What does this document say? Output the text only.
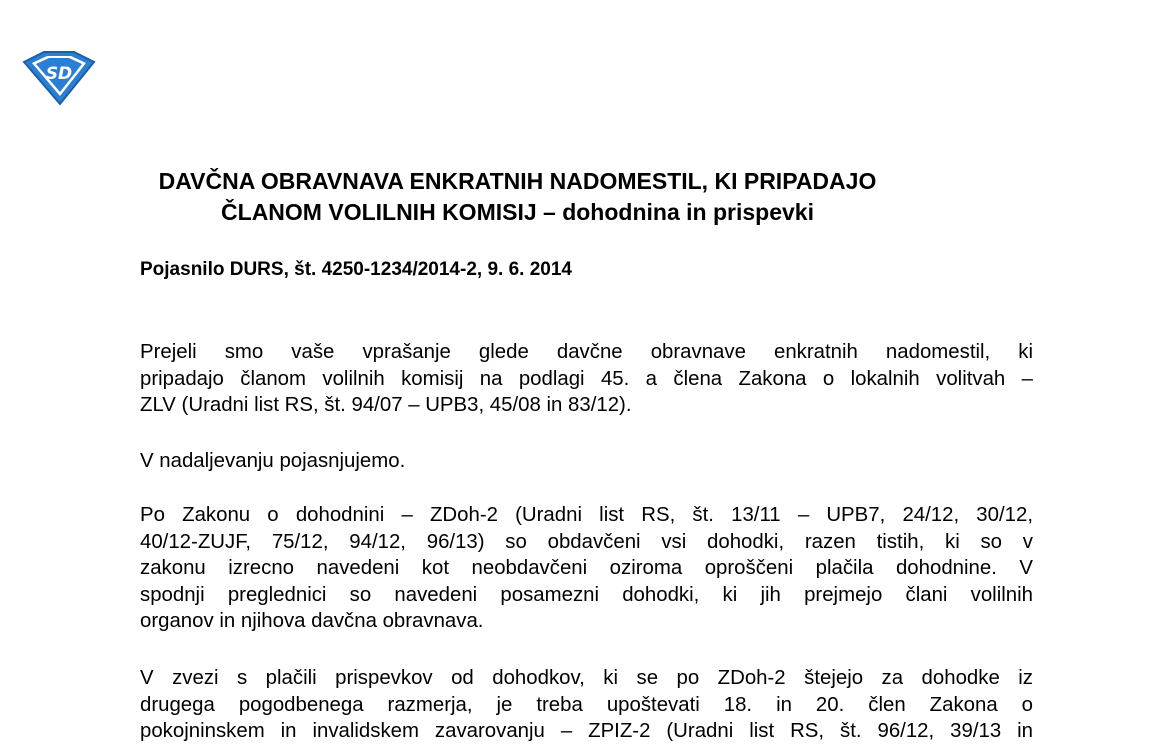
SD
DAVČNA OBRAVNAVA ENKRATNIH NADOMESTIL, KI PRIPADAJO
ČLANOM VOLILNIH KOMISIJ – dohodnina in prispevki
Pojasnilo DURS, št. 4250-1234/2014-2, 9. 6. 2014
Prejeli smo vaše vprašanje glede davčne obravnave enkratnih nadomestil, ki
pripadajo članom volilnih komisij na podlagi 45. a člena Zakona o lokalnih volitvah –
ZLV (Uradni list RS, št. 94/07 – UPB3, 45/08 in 83/12).
V nadaljevanju pojasnjujemo.
Po Zakonu o dohodnini – ZDoh-2 (Uradni list RS, št. 13/11 – UPB7, 24/12, 30/12,
40/12-ZUJF, 75/12, 94/12, 96/13) so obdavčeni vsi dohodki, razen tistih, ki so v
zakonu izrecno navedeni kot neobdavčeni oziroma oproščeni plačila dohodnine. V
spodnji preglednici so navedeni posamezni dohodki, ki jih prejmejo člani volilnih
organov in njihova davčna obravnava.
V zvezi s plačili prispevkov od dohodkov, ki se po ZDoh-2 štejejo za dohodke iz
drugega pogodbenega razmerja, je treba upoštevati 18. in 20. člen Zakona o
pokojninskem in invalidskem zavarovanju – ZPIZ-2 (Uradni list RS, št. 96/12, 39/13 in
